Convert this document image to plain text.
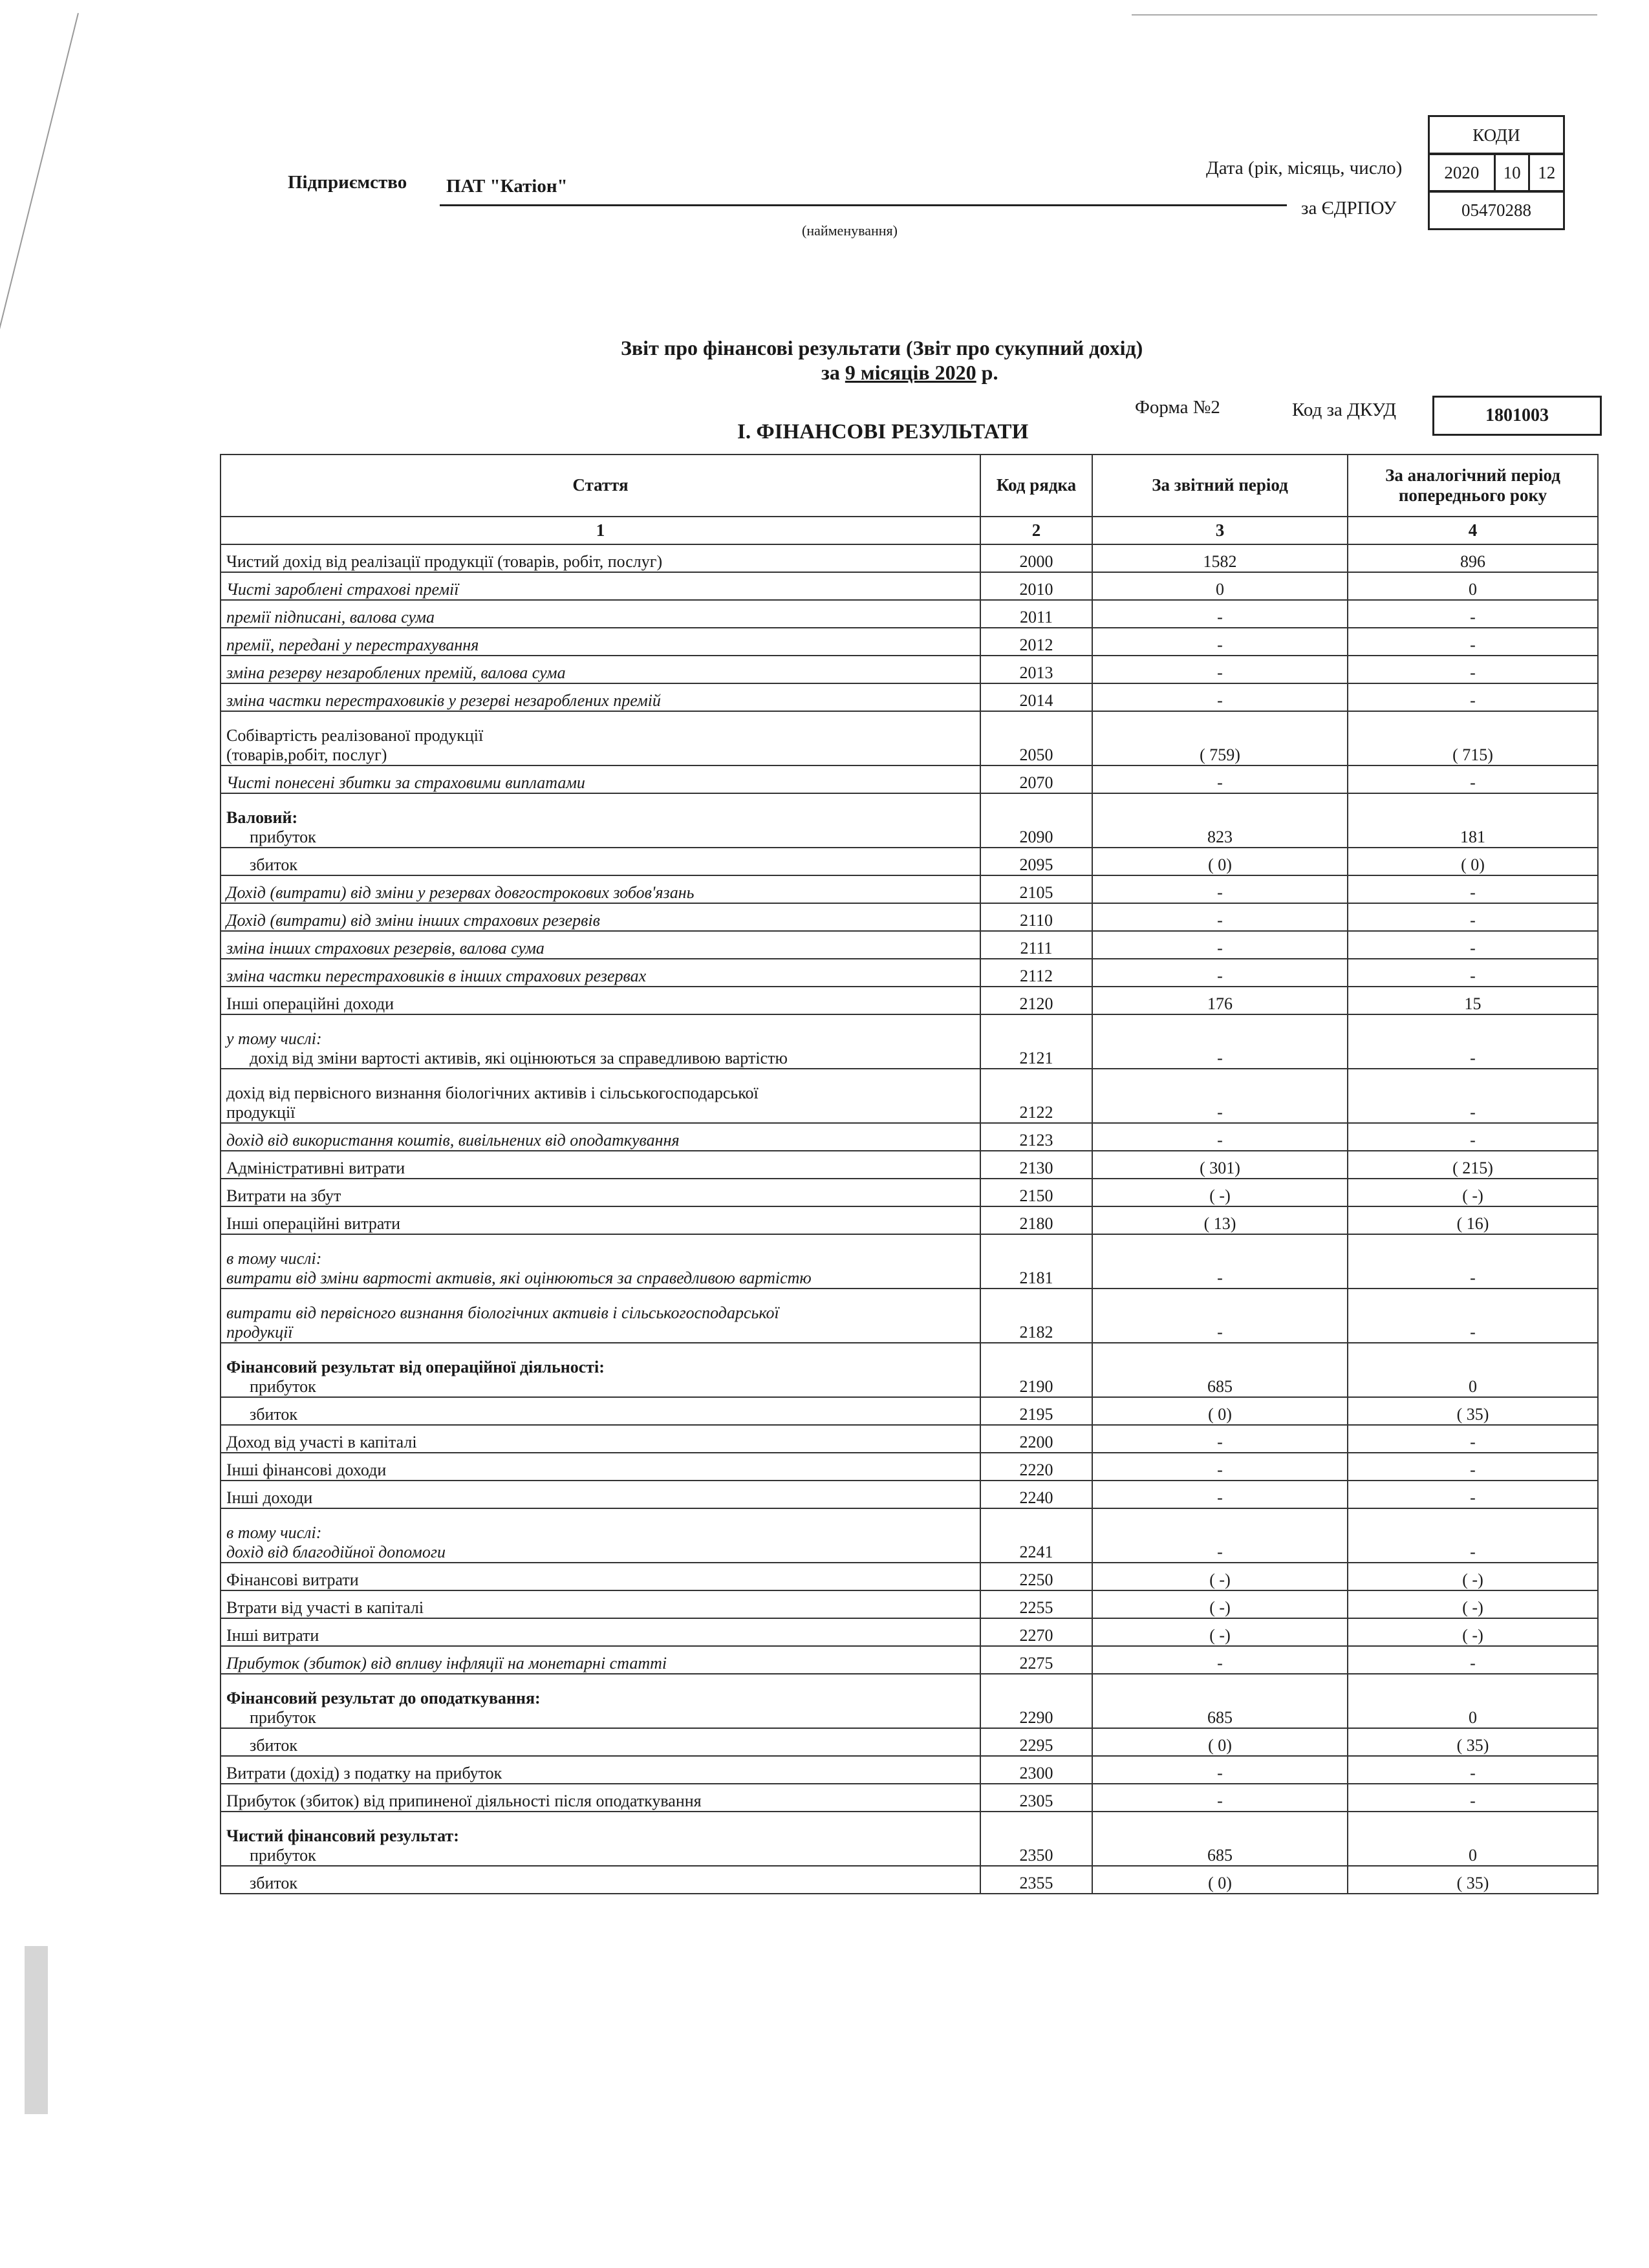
КОДИ
2020	10	12
05470288
Дата (рік, місяць, число)
за ЄДРПОУ
Підприємство ПАТ "Катіон"
(найменування)
Звіт про фінансові результати (Звіт про сукупний дохід)
за 9 місяців 2020 р.
Форма №2	Код за ДКУД	1801003
І. ФІНАНСОВІ РЕЗУЛЬТАТИ
Стаття	Код рядка	За звітний період	За аналогічний період попереднього року
1	2	3	4

Чистий дохід від реалізації продукції (товарів, робіт, послуг)	2000	1582	896

Чисті зароблені страхові премії	2010	0	0

премії підписані, валова сума	2011	-	-

премії, передані у перестрахування	2012	-	-

зміна резерву незароблених премій, валова сума	2013	-	-

зміна частки перестраховиків у резерві незароблених премій	2014	-	-

Собівартість реалізованої продукції
(товарів,робіт, послуг)	2050	( 759)	( 715)

Чисті понесені збитки за страховими виплатами	2070	-	-

Валовий:
прибуток	2090	823	181

збиток	2095	( 0)	( 0)

Дохід (витрати) від зміни у резервах довгострокових зобов'язань	2105	-	-

Дохід (витрати) від зміни інших страхових резервів	2110	-	-

зміна інших страхових резервів, валова сума	2111	-	-

зміна частки перестраховиків в інших страхових резервах	2112	-	-

Інші операційні доходи	2120	176	15

у тому числі:
дохід від зміни вартості активів, які оцінюються за справедливою вартістю	2121	-	-

дохід від первісного визнання біологічних активів і сільськогосподарської
продукції	2122	-	-

дохід від використання коштів, вивільнених від оподаткування	2123	-	-

Адміністративні витрати	2130	( 301)	( 215)

Витрати на збут	2150	( -)	( -)

Інші операційні витрати	2180	( 13)	( 16)

в тому числі:
витрати від зміни вартості активів, які оцінюються за справедливою вартістю	2181	-	-

витрати від первісного визнання біологічних активів і сільськогосподарської
продукції	2182	-	-

Фінансовий результат від операційної діяльності:
прибуток	2190	685	0

збиток	2195	( 0)	( 35)

Доход від участі в капіталі	2200	-	-

Інші фінансові доходи	2220	-	-

Інші доходи	2240	-	-

в тому числі:
дохід від благодійної допомоги	2241	-	-

Фінансові витрати	2250	( -)	( -)

Втрати від участі в капіталі	2255	( -)	( -)

Інші витрати	2270	( -)	( -)

Прибуток (збиток) від впливу інфляції на монетарні статті	2275	-	-

Фінансовий результат до оподаткування:
прибуток	2290	685	0

збиток	2295	( 0)	( 35)

Витрати (дохід) з податку на прибуток	2300	-	-

Прибуток (збиток) від припиненої діяльності після оподаткування	2305	-	-

Чистий фінансовий результат:
прибуток	2350	685	0

збиток	2355	( 0)	( 35)
